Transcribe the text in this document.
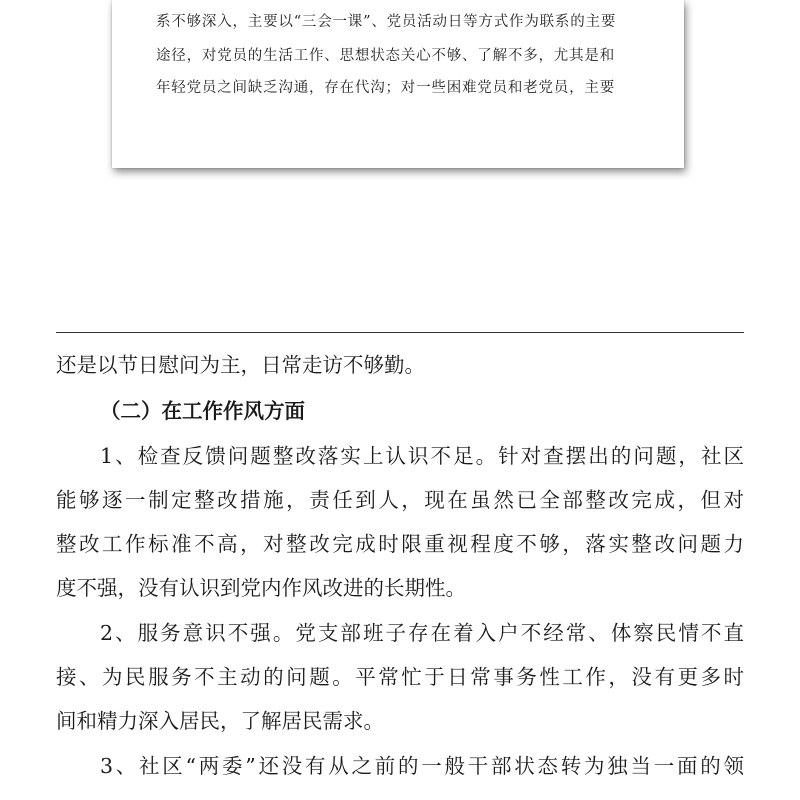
系不够深入，主要以“三会一课”、党员活动日等方式作为联系的主要
途径，对党员的生活工作、思想状态关心不够、了解不多，尤其是和
年轻党员之间缺乏沟通，存在代沟；对一些困难党员和老党员，主要
还是以节日慰问为主，日常走访不够勤。
（二）在工作作风方面
1、检查反馈问题整改落实上认识不足。针对查摆出的问题，社区
能够逐一制定整改措施，责任到人，现在虽然已全部整改完成，但对
整改工作标准不高，对整改完成时限重视程度不够，落实整改问题力
度不强，没有认识到党内作风改进的长期性。
2、服务意识不强。党支部班子存在着入户不经常、体察民情不直
接、为民服务不主动的问题。平常忙于日常事务性工作，没有更多时
间和精力深入居民，了解居民需求。
3、社区“两委”还没有从之前的一般干部状态转为独当一面的领
